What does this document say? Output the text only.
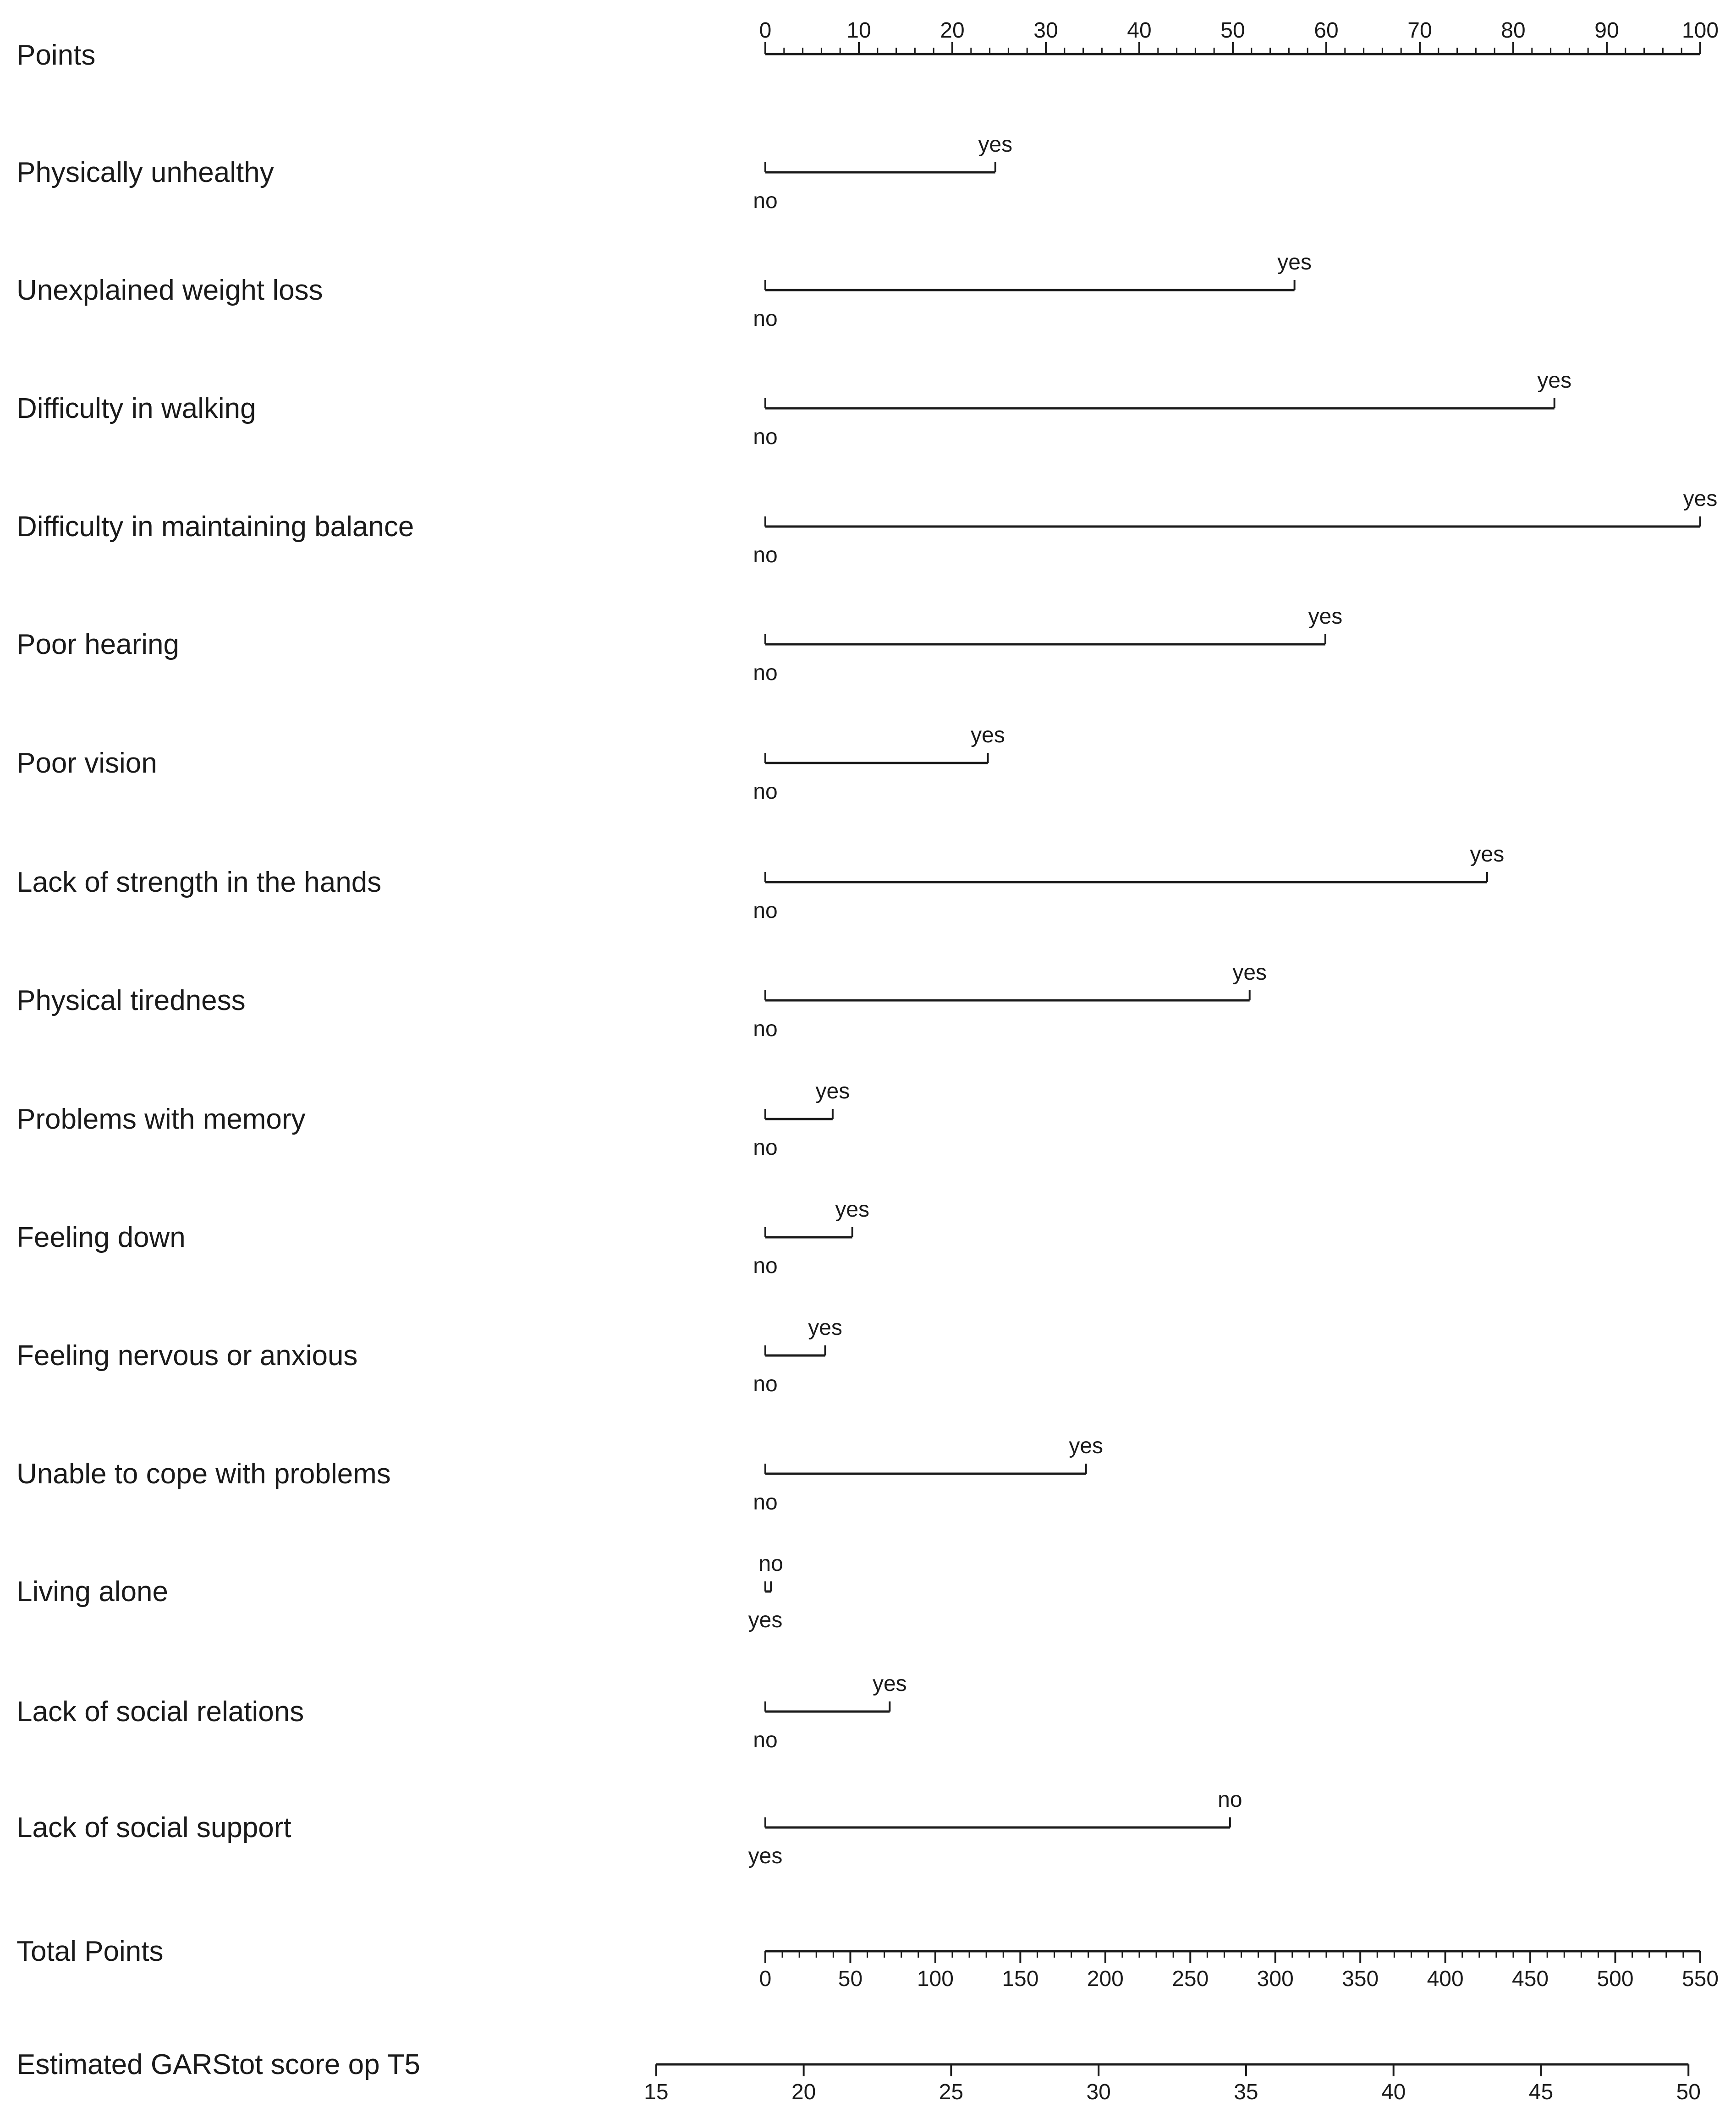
Points
Physically unhealthy
Unexplained weight loss
Difficulty in walking
Difficulty in maintaining balance
Poor hearing
Poor vision
Lack of strength in the hands
Physical tiredness
Problems with memory
Feeling down
Feeling nervous or anxious
Unable to cope with problems
Living alone
Lack of social relations
Lack of social support
Total Points
Estimated GARStot score op T5
0	10	20	30	40	50	60	70	80	90	100
no
yes
no
yes
no
yes
no
yes
no
yes
no
yes
no
yes
no
yes
no
yes
no
yes
no
yes
no
yes
yes
no
no
yes
yes
no
0	50 100 150 200 250 300 350 400 450 500 550
15	20	25	30	35	40	45	50
